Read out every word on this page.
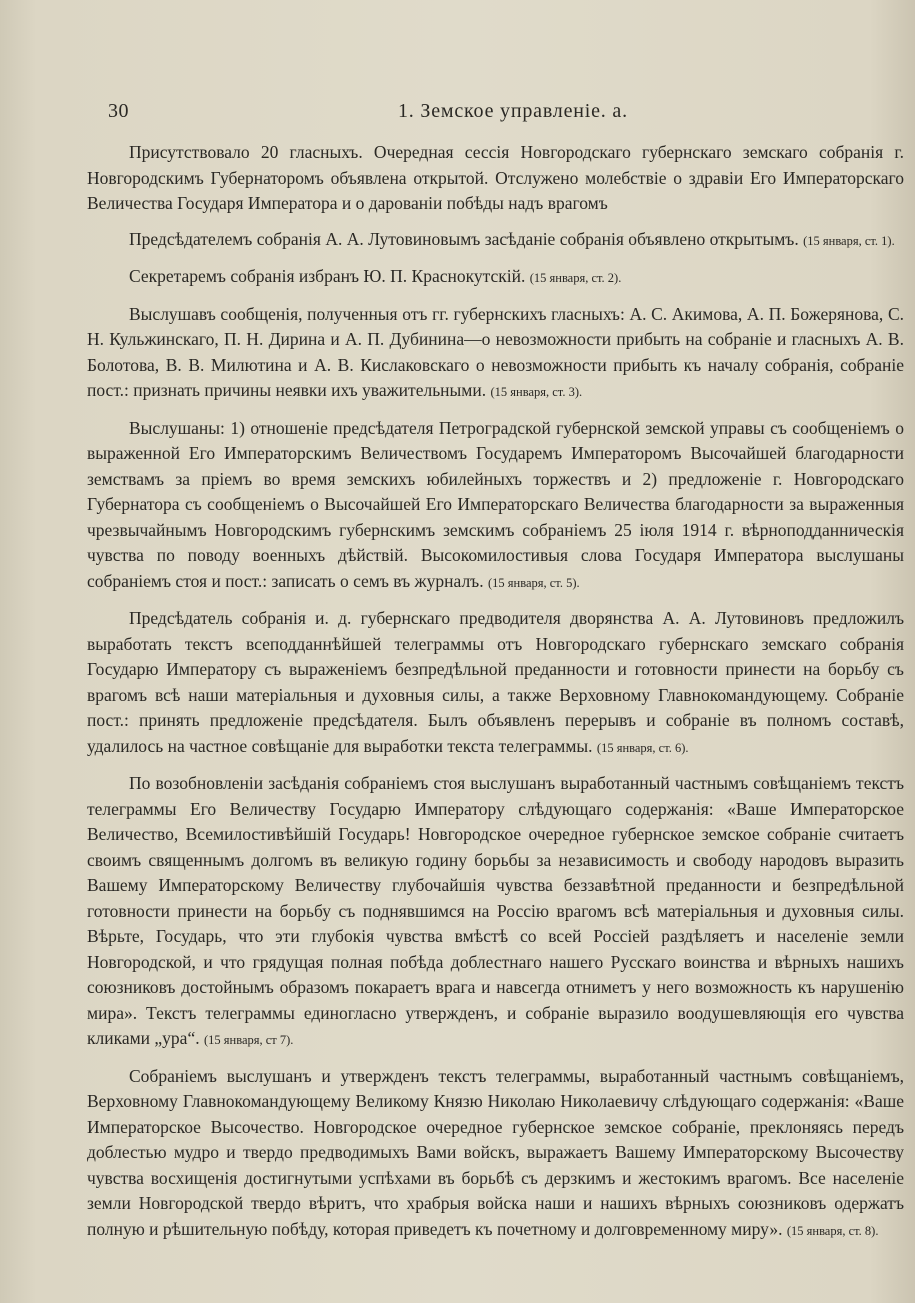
30	1. Земское управленіе. а.

Присутствовало 20 гласныхъ. Очередная сессія Новгородскаго губернскаго земскаго собранія г. Новгородскимъ Губернаторомъ объявлена открытой. Отслужено молебствіе о здравіи Его Императорскаго Величества Государя Императора и о дарованіи побѣды надъ врагомъ

Предсѣдателемъ собранія А. А. Лутовиновымъ засѣданіе собранія объявлено открытымъ. (15 января, ст. 1).

Секретаремъ собранія избранъ Ю. П. Краснокутскій. (15 января, ст. 2).

Выслушавъ сообщенія, полученныя отъ гг. губернскихъ гласныхъ: А. С. Акимова, А. П. Божерянова, С. Н. Кульжинскаго, П. Н. Дирина и А. П. Дубинина—о невозможности прибыть на собраніе и гласныхъ А. В. Болотова, В. В. Милютина и А. В. Кислаковскаго о невозможности прибыть къ началу собранія, собраніе пост.: признать причины неявки ихъ уважительными. (15 января, ст. 3).

Выслушаны: 1) отношеніе предсѣдателя Петроградской губернской земской управы съ сообщеніемъ о выраженной Его Императорскимъ Величествомъ Государемъ Императоромъ Высочайшей благодарности земствамъ за пріемъ во время земскихъ юбилейныхъ торжествъ и 2) предложеніе г. Новгородскаго Губернатора съ сообщеніемъ о Высочайшей Его Императорскаго Величества благодарности за выраженныя чрезвычайнымъ Новгородскимъ губернскимъ земскимъ собраніемъ 25 іюля 1914 г. вѣрноподданническія чувства по поводу военныхъ дѣйствій. Высокомилостивыя слова Государя Императора выслушаны собраніемъ стоя и пост.: записать о семъ въ журналъ. (15 января, ст. 5).

Предсѣдатель собранія и. д. губернскаго предводителя дворянства А. А. Лутовиновъ предложилъ выработать текстъ всеподданнѣйшей телеграммы отъ Новгородскаго губернскаго земскаго собранія Государю Императору съ выраженіемъ безпредѣльной преданности и готовности принести на борьбу съ врагомъ всѣ наши матеріальныя и духовныя силы, а также Верховному Главнокомандующему. Собраніе пост.: принять предложеніе предсѣдателя. Былъ объявленъ перерывъ и собраніе въ полномъ составѣ, удалилось на частное совѣщаніе для выработки текста телеграммы. (15 января, ст. 6).

По возобновленіи засѣданія собраніемъ стоя выслушанъ выработанный частнымъ совѣщаніемъ текстъ телеграммы Его Величеству Государю Императору слѣдующаго содержанія: «Ваше Императорское Величество, Всемилостивѣйшій Государь! Новгородское очередное губернское земское собраніе считаетъ своимъ священнымъ долгомъ въ великую годину борьбы за независимость и свободу народовъ выразить Вашему Императорскому Величеству глубочайшія чувства беззавѣтной преданности и безпредѣльной готовности принести на борьбу съ поднявшимся на Россію врагомъ всѣ матеріальныя и духовныя силы. Вѣрьте, Государь, что эти глубокія чувства вмѣстѣ со всей Россіей раздѣляетъ и населеніе земли Новгородской, и что грядущая полная побѣда доблестнаго нашего Русскаго воинства и вѣрныхъ нашихъ союзниковъ достойнымъ образомъ покараетъ врага и навсегда отниметъ у него возможность къ нарушенію мира». Текстъ телеграммы единогласно утвержденъ, и собраніе выразило воодушевляющія его чувства кликами „ура“. (15 января, ст 7).

Собраніемъ выслушанъ и утвержденъ текстъ телеграммы, выработанный частнымъ совѣщаніемъ, Верховному Главнокомандующему Великому Князю Николаю Николаевичу слѣдующаго содержанія: «Ваше Императорское Высочество. Новгородское очередное губернское земское собраніе, преклоняясь передъ доблестью мудро и твердо предводимыхъ Вами войскъ, выражаетъ Вашему Императорскому Высочеству чувства восхищенія достигнутыми успѣхами въ борьбѣ съ дерзкимъ и жестокимъ врагомъ. Все населеніе земли Новгородской твердо вѣритъ, что храбрыя войска наши и нашихъ вѣрныхъ союзниковъ одержатъ полную и рѣшительную побѣду, которая приведетъ къ почетному и долговременному миру». (15 января, ст. 8).
